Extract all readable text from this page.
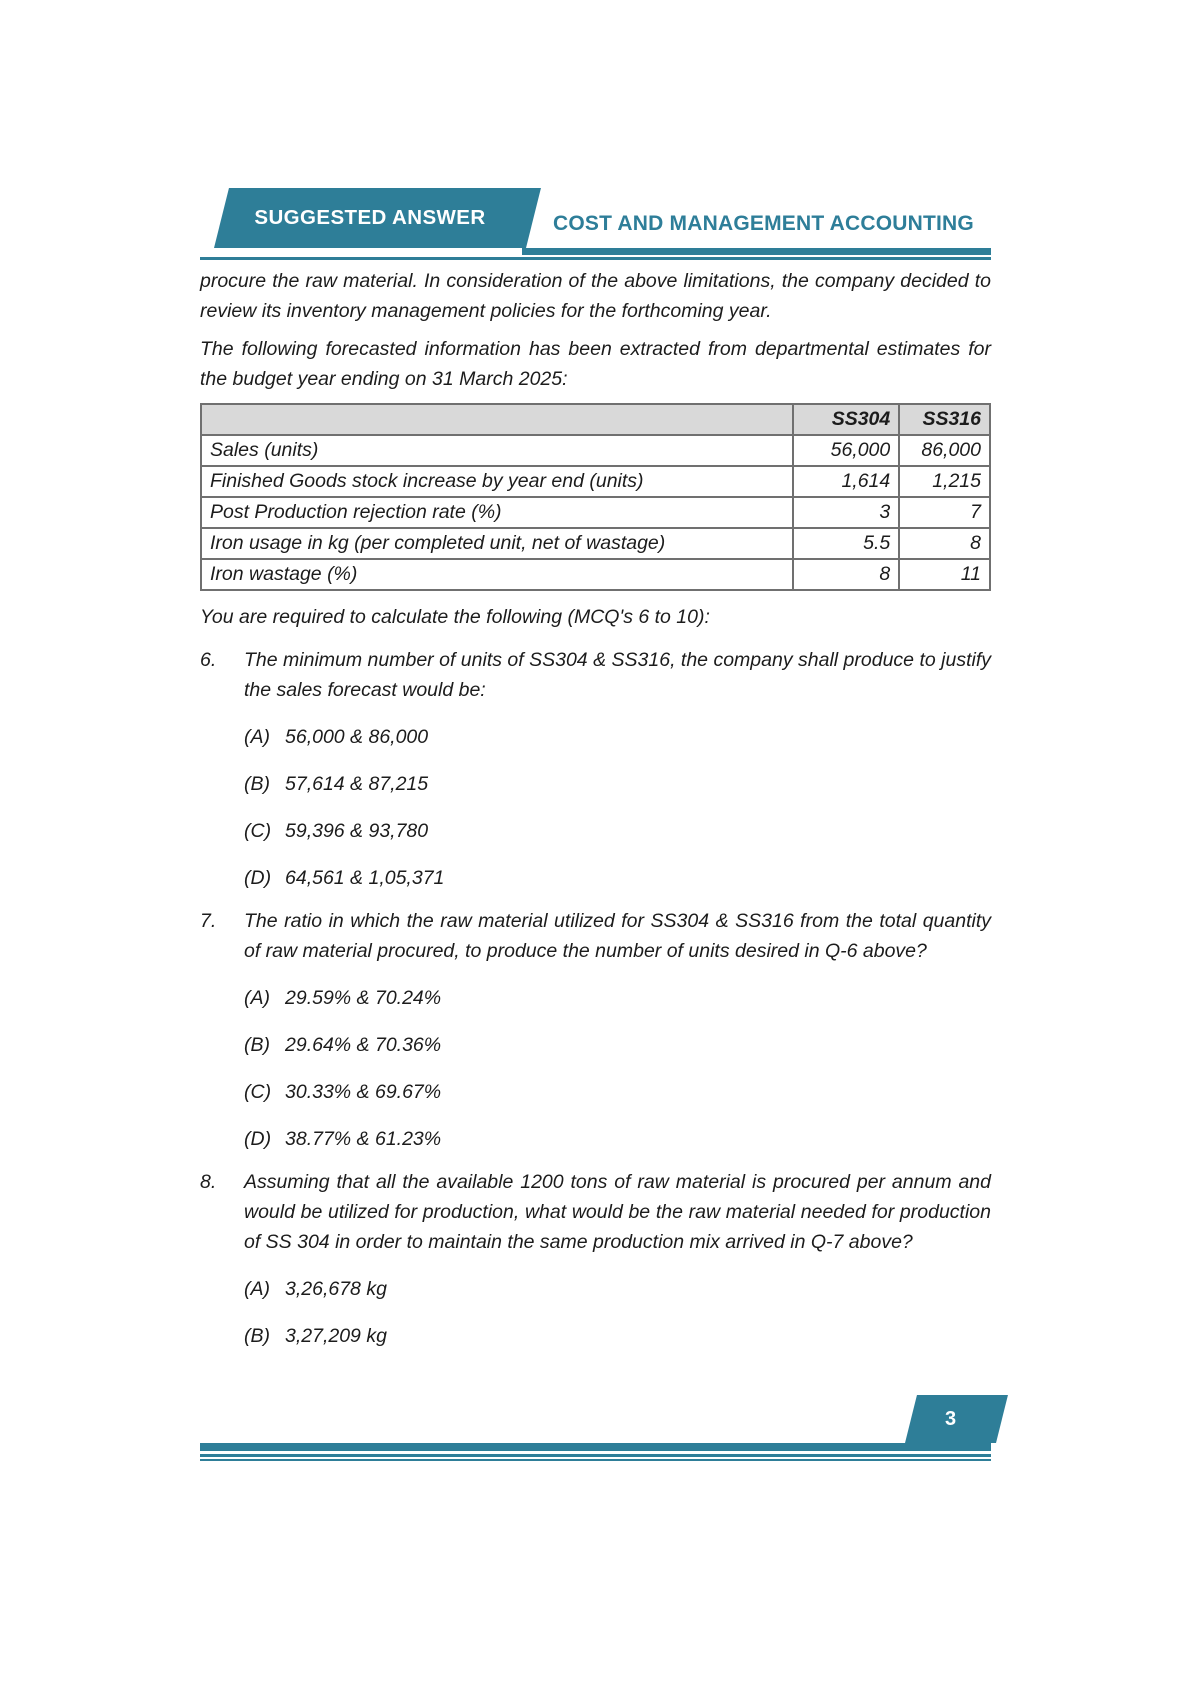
SUGGESTED ANSWER	COST AND MANAGEMENT ACCOUNTING

procure the raw material. In consideration of the above limitations, the company decided to review its inventory management policies for the forthcoming year.

The following forecasted information has been extracted from departmental estimates for the budget year ending on 31 March 2025:

	SS304	SS316
Sales (units)	56,000	86,000
Finished Goods stock increase by year end (units)	1,614	1,215
Post Production rejection rate (%)	3	7
Iron usage in kg (per completed unit, net of wastage)	5.5	8
Iron wastage (%)	8	11

You are required to calculate the following (MCQ's 6 to 10):

6.	The minimum number of units of SS304 & SS316, the company shall produce to justify the sales forecast would be:
(A) 56,000 & 86,000
(B) 57,614 & 87,215
(C) 59,396 & 93,780
(D) 64,561 & 1,05,371
7.	The ratio in which the raw material utilized for SS304 & SS316 from the total quantity of raw material procured, to produce the number of units desired in Q-6 above?
(A) 29.59% & 70.24%
(B) 29.64% & 70.36%
(C) 30.33% & 69.67%
(D) 38.77% & 61.23%
8.	Assuming that all the available 1200 tons of raw material is procured per annum and would be utilized for production, what would be the raw material needed for production of SS 304 in order to maintain the same production mix arrived in Q-7 above?
(A) 3,26,678 kg
(B) 3,27,209 kg
3
